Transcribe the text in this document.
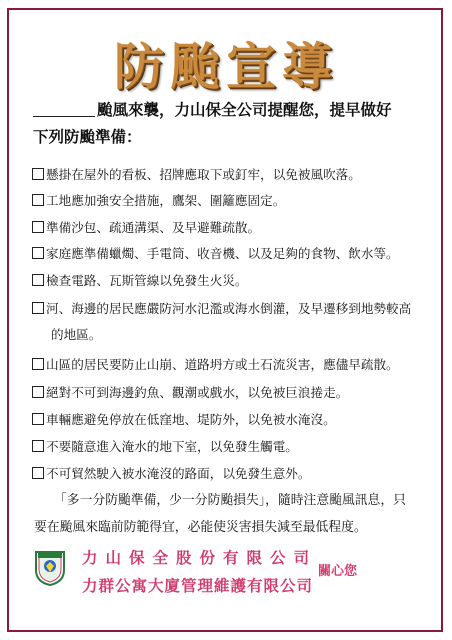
防颱宣導
颱風來襲，力山保全公司提醒您，提早做好
下列防颱準備：
懸掛在屋外的看板、招牌應取下或釘牢，以免被風吹落。
工地應加強安全措施，鷹架、圍籬應固定。
準備沙包、疏通溝渠、及早避難疏散。
家庭應準備蠟燭、手電筒、收音機、以及足夠的食物、飲水等。
檢查電路、瓦斯管線以免發生火災。
河、海邊的居民應嚴防河水氾濫或海水倒灌，及早遷移到地勢較高
的地區。
山區的居民要防止山崩、道路坍方或土石流災害，應儘早疏散。
絕對不可到海邊釣魚、觀潮或戲水，以免被巨浪捲走。
車輛應避免停放在低窪地、堤防外，以免被水淹沒。
不要隨意進入淹水的地下室，以免發生觸電。
不可貿然駛入被水淹沒的路面，以免發生意外。
「多一分防颱準備，少一分防颱損失」，隨時注意颱風訊息，只
要在颱風來臨前防範得宜，必能使災害損失減至最低程度。
力山保全股份有限公司
力群公寓大廈管理維護有限公司
關心您
